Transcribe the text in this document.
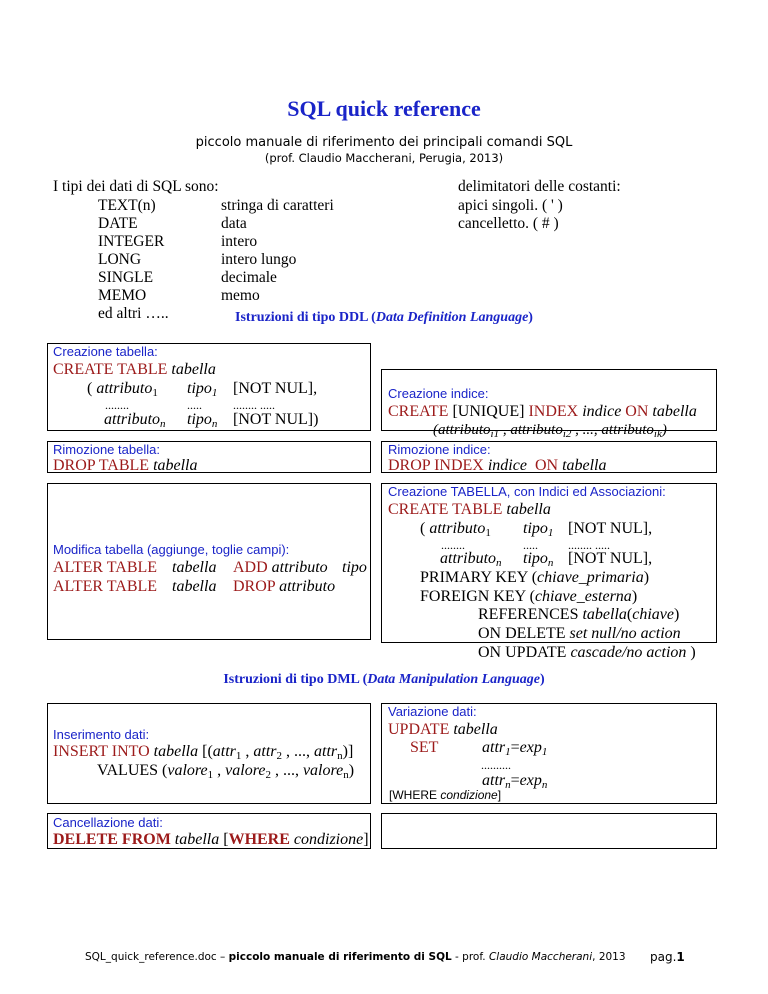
SQL quick reference
piccolo manuale di riferimento dei principali comandi SQL
(prof. Claudio Maccherani, Perugia, 2013)
I tipi dei dati di SQL sono:
TEXT(n)	stringa di caratteri
DATE	data
INTEGER	intero
LONG	intero lungo
SINGLE	decimale
MEMO	memo
ed altri …..
delimitatori delle costanti:
apici singoli. ( ' )
cancelletto. ( # )
Istruzioni di tipo DDL (Data Definition Language)
Creazione tabella:
CREATE TABLE tabella
( attributo$_1$ tipo$_1$ [NOT NUL],
........	.....	........ .....
attributo$_n$ tipo$_n$ [NOT NUL])
Creazione indice:
CREATE [UNIQUE] INDEX indice ON tabella
(attributo$_{i1}$ , attributo$_{i2}$ , ..., attributo$_{ik}$)
Rimozione tabella:
DROP TABLE tabella
Rimozione indice:
DROP INDEX indice ON tabella
Modifica tabella (aggiunge, toglie campi):
ALTER TABLE tabella ADD attributo tipo
ALTER TABLE tabella DROP attributo
Creazione TABELLA, con Indici ed Associazioni:
CREATE TABLE tabella
( attributo$_1$ tipo$_1$ [NOT NUL],
........	.....	........ .....
attributo$_n$ tipo$_n$ [NOT NUL],
PRIMARY KEY (chiave_primaria)
FOREIGN KEY (chiave_esterna)
REFERENCES tabella(chiave)
ON DELETE set null/no action
ON UPDATE cascade/no action )
Istruzioni di tipo DML (Data Manipulation Language)
Inserimento dati:
INSERT INTO tabella [(attr$_1$ , attr$_2$ , ..., attr$_n$)]
VALUES (valore$_1$ , valore$_2$ , ..., valore$_n$)
Variazione dati:
UPDATE tabella
SET	$attr_1=\exp_1$
..........
$attr_n=\exp_n$
[WHERE condizione]
Cancellazione dati:
DELETE FROM tabella [WHERE condizione]
SQL_quick_reference.doc – piccolo manuale di riferimento di SQL - prof. Claudio Maccherani, 2013 pag.1
